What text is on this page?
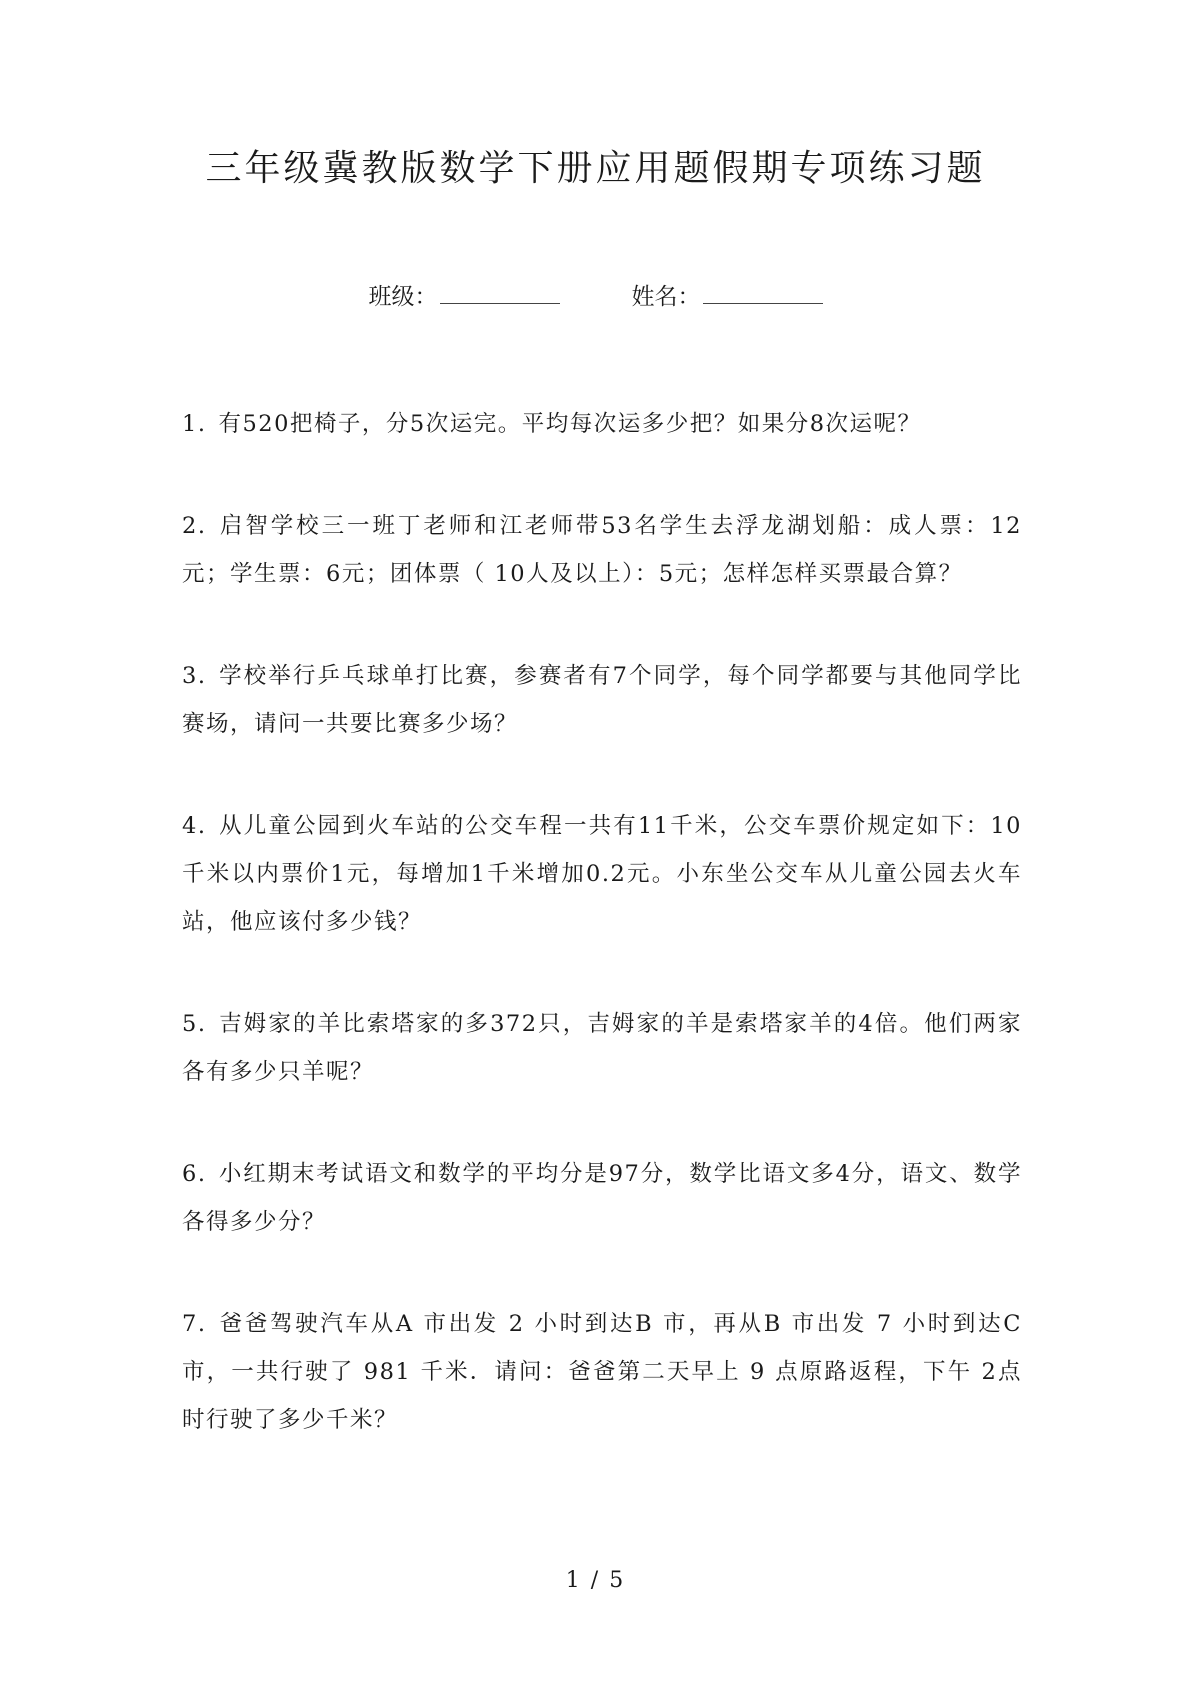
三年级冀教版数学下册应用题假期专项练习题
班级：	姓名：

1. 有520把椅子，分5次运完。平均每次运多少把？如果分8次运呢？

2. 启智学校三一班丁老师和江老师带53名学生去浮龙湖划船：成人票：12元；学生票：6元；团体票（ 10人及以上）：5元；怎样怎样买票最合算？

3. 学校举行乒乓球单打比赛，参赛者有7个同学，每个同学都要与其他同学比赛场，请问一共要比赛多少场？

4. 从儿童公园到火车站的公交车程一共有11千米，公交车票价规定如下：10千米以内票价1元，每增加1千米增加0.2元。小东坐公交车从儿童公园去火车站，他应该付多少钱？

5. 吉姆家的羊比索塔家的多372只，吉姆家的羊是索塔家羊的4倍。他们两家各有多少只羊呢？

6. 小红期末考试语文和数学的平均分是97分，数学比语文多4分，语文、数学各得多少分？

7. 爸爸驾驶汽车从A 市出发 2 小时到达B 市，再从B 市出发 7 小时到达C市，一共行驶了 981 千米．请问：爸爸第二天早上 9 点原路返程，下午 2点时行驶了多少千米？

1 / 5
